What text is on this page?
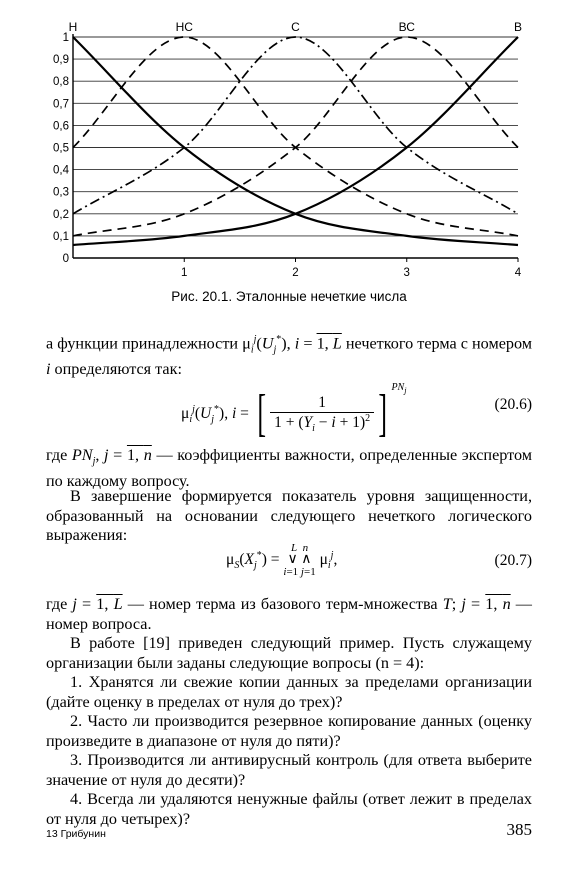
0
0,1
0,2
0,3
0,4
0,5
0,6
0,7
0,8
0,9
1
1	2	3	4
Н	НС	С	ВС	В
Рис. 20.1. Эталонные нечеткие числа
а функции принадлежности $\mu_i^j(U_j^*)$, i = 1, L нечеткого терма с номером i определяются так:
$\mu_i^j(U_j^*)$, i = [ $\frac{1}{1 + (Y_i - i + 1)^2}$ ] $^{PN_j}$
(20.6)
где $PN_j$, j = 1, n — коэффициенты важности, определенные экспертом по каждому вопросу.
В завершение формируется показатель уровня защищенности, образованный на основании следующего нечеткого логического выражения:
$\mu_S(X_j^*)$ =
L n
∨ ∧
i=1 j=1
$\mu_i^j$,	(20.7)
где j = 1, L — номер терма из базового терм-множества T; j = 1, n — номер вопроса.
В работе [19] приведен следующий пример. Пусть служащему организации были заданы следующие вопросы (n = 4):
1. Хранятся ли свежие копии данных за пределами организации (дайте оценку в пределах от нуля до трех)?
2. Часто ли производится резервное копирование данных (оценку произведите в диапазоне от нуля до пяти)?
3. Производится ли антивирусный контроль (для ответа выберите значение от нуля до десяти)?
4. Всегда ли удаляются ненужные файлы (ответ лежит в пределах от нуля до четырех)?
13 Грибунин	385
